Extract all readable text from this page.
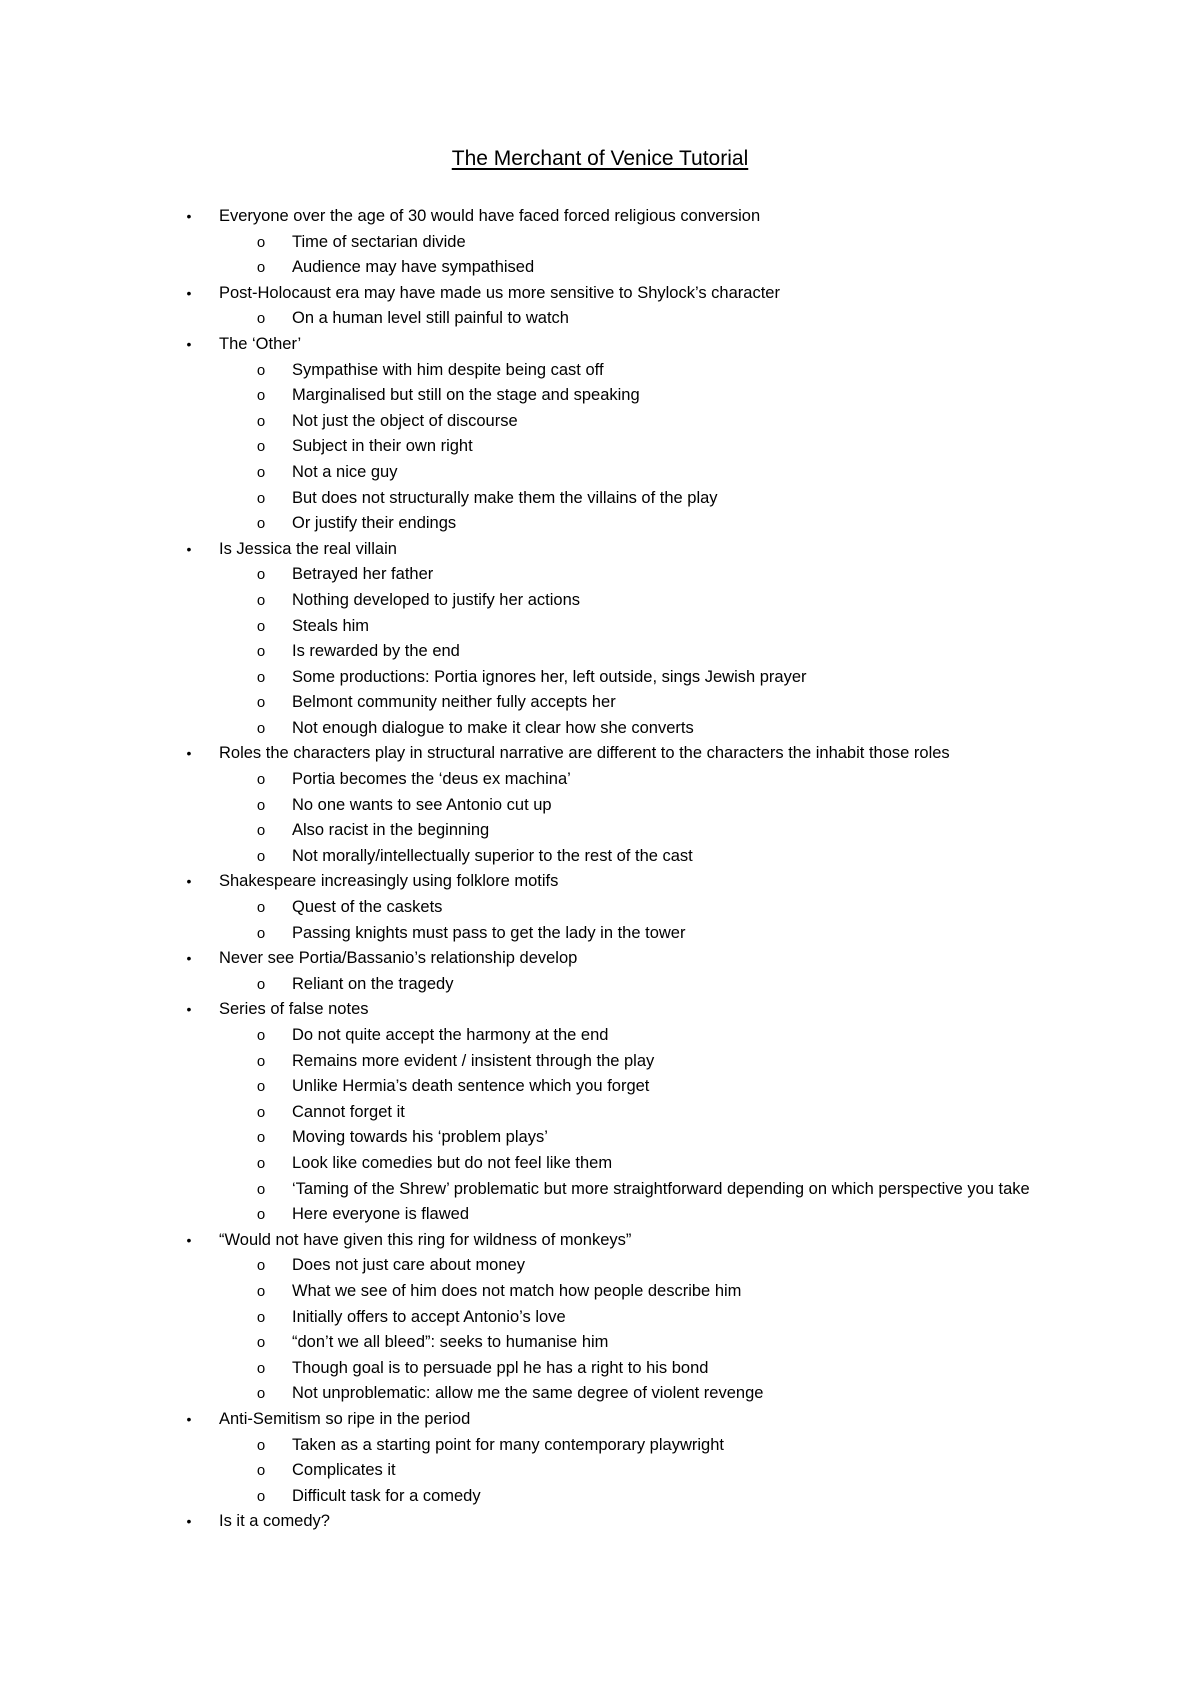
The Merchant of Venice Tutorial
• Everyone over the age of 30 would have faced forced religious conversion
o Time of sectarian divide
o Audience may have sympathised
• Post-Holocaust era may have made us more sensitive to Shylock’s character
o On a human level still painful to watch
• The ‘Other’
o Sympathise with him despite being cast off
o Marginalised but still on the stage and speaking
o Not just the object of discourse
o Subject in their own right
o Not a nice guy
o But does not structurally make them the villains of the play
o Or justify their endings
• Is Jessica the real villain
o Betrayed her father
o Nothing developed to justify her actions
o Steals him
o Is rewarded by the end
o Some productions: Portia ignores her, left outside, sings Jewish prayer
o Belmont community neither fully accepts her
o Not enough dialogue to make it clear how she converts
• Roles the characters play in structural narrative are different to the characters the inhabit those roles
o Portia becomes the ‘deus ex machina’
o No one wants to see Antonio cut up
o Also racist in the beginning
o Not morally/intellectually superior to the rest of the cast
• Shakespeare increasingly using folklore motifs
o Quest of the caskets
o Passing knights must pass to get the lady in the tower
• Never see Portia/Bassanio’s relationship develop
o Reliant on the tragedy
• Series of false notes
o Do not quite accept the harmony at the end
o Remains more evident / insistent through the play
o Unlike Hermia’s death sentence which you forget
o Cannot forget it
o Moving towards his ‘problem plays’
o Look like comedies but do not feel like them
o ‘Taming of the Shrew’ problematic but more straightforward depending on which perspective you take
o Here everyone is flawed
• “Would not have given this ring for wildness of monkeys”
o Does not just care about money
o What we see of him does not match how people describe him
o Initially offers to accept Antonio’s love
o “don’t we all bleed”: seeks to humanise him
o Though goal is to persuade ppl he has a right to his bond
o Not unproblematic: allow me the same degree of violent revenge
• Anti-Semitism so ripe in the period
o Taken as a starting point for many contemporary playwright
o Complicates it
o Difficult task for a comedy
• Is it a comedy?
